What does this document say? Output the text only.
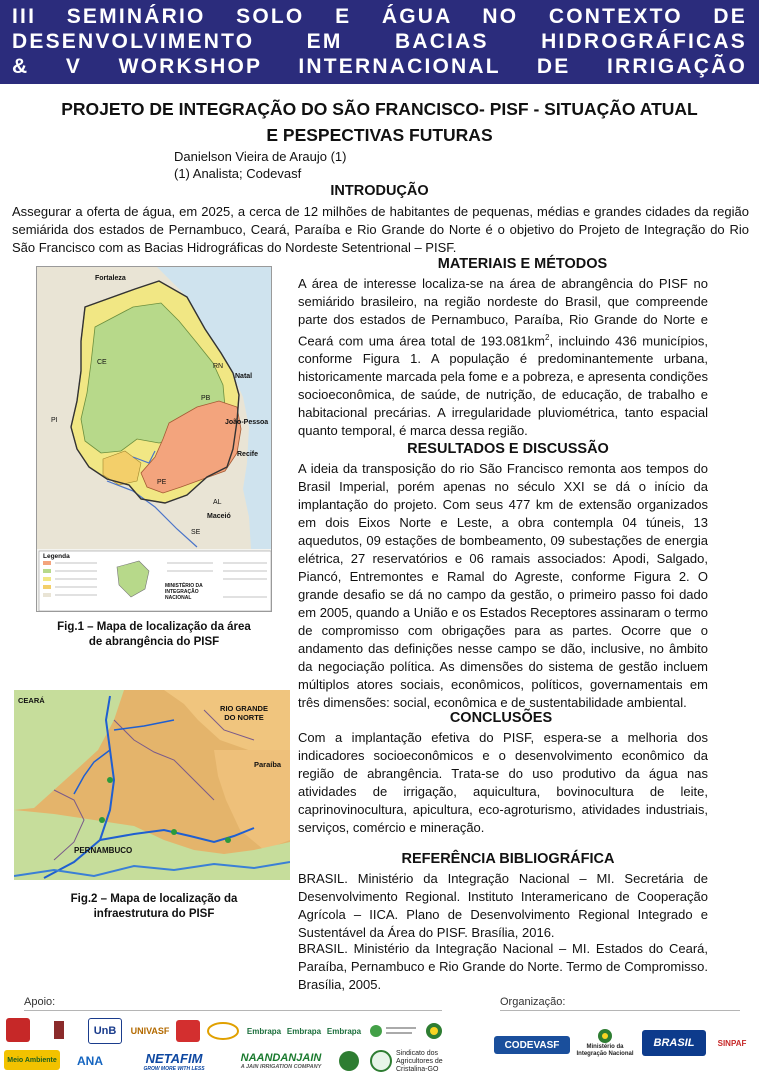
III SEMINÁRIO SOLO E ÁGUA NO CONTEXTO DE
DESENVOLVIMENTO EM BACIAS HIDROGRÁFICAS
& V WORKSHOP INTERNACIONAL DE IRRIGAÇÃO
PROJETO DE INTEGRAÇÃO DO SÃO FRANCISCO- PISF - SITUAÇÃO ATUAL
E PESPECTIVAS FUTURAS
Danielson Vieira de Araujo (1)
(1) Analista; Codevasf
INTRODUÇÃO
Assegurar a oferta de água, em 2025, a cerca de 12 milhões de habitantes de pequenas, médias e grandes cidades da região semiárida dos estados de Pernambuco, Ceará, Paraíba e Rio Grande do Norte é o objetivo do Projeto de Integração do Rio São Francisco com as Bacias Hidrográficas do Nordeste Setentrional – PISF.
Fortaleza
Natal
João-Pessoa
Recife
Maceió
CE
RN
PB
PE
PI
AL
SE
Legenda
MINISTÉRIO DA INTEGRAÇÃO NACIONAL
Fig.1 – Mapa de localização da área
de abrangência do PISF
CEARÁ
RIO GRANDE DO NORTE
Paraíba
PERNAMBUCO
Fig.2 – Mapa de localização da
infraestrutura do PISF
MATERIAIS E MÉTODOS
A área de interesse localiza-se na área de abrangência do PISF no semiárido brasileiro, na região nordeste do Brasil, que compreende parte dos estados de Pernambuco, Paraíba, Rio Grande do Norte e Ceará com uma área total de $193.081km^2$, incluindo 436 municípios, conforme Figura 1. A população é predominantemente urbana, historicamente marcada pela fome e a pobreza, e apresenta condições socioeconômica, de saúde, de nutrição, de educação, de trabalho e habitacional precárias. A irregularidade pluviométrica, tanto espacial quanto temporal, é marca dessa região.
RESULTADOS E DISCUSSÃO
A ideia da transposição do rio São Francisco remonta aos tempos do Brasil Imperial, porém apenas no século XXI se dá o início da implantação do projeto. Com seus 477 km de extensão organizados em dois Eixos Norte e Leste, a obra contempla 04 túneis, 13 aquedutos, 09 estações de bombeamento, 09 subestações de energia elétrica, 27 reservatórios e 06 ramais associados: Apodi, Salgado, Piancó, Entremontes e Ramal do Agreste, conforme Figura 2. O grande desafio se dá no campo da gestão, o primeiro passo foi dado em 2005, quando a União e os Estados Receptores assinaram o termo de compromisso com obrigações para as partes. Ocorre que o andamento das definições nesse campo se dão, inclusive, no âmbito da negociação política. As dimensões do sistema de gestão incluem múltiplos atores sociais, econômicos, políticos, governamentais em três dimensões: social, econômica e de sustentabilidade ambiental.
CONCLUSÕES
Com a implantação efetiva do PISF, espera-se a melhoria dos indicadores socioeconômicos e o desenvolvimento econômico da região de abrangência. Trata-se do uso produtivo da água nas atividades de irrigação, aquicultura, bovinocultura de leite, caprinovinocultura, apicultura, eco-agroturismo, atividades industriais, serviços, comércio e mineração.
REFERÊNCIA BIBLIOGRÁFICA
BRASIL. Ministério da Integração Nacional – MI. Secretária de Desenvolvimento Regional. Instituto Interamericano de Cooperação Agrícola – IICA. Plano de Desenvolvimento Regional Integrado e Sustentável da Área do PISF. Brasília, 2016.
BRASIL. Ministério da Integração Nacional – MI. Estados do Ceará, Paraíba, Pernambuco e Rio Grande do Norte. Termo de Compromisso. Brasília, 2005.
Apoio:	Organização:
UnB	UNIVASF	Embrapa Embrapa Embrapa
Meio Ambiente	ANA	NETAFIM
GROW MORE WITH LESS
NAANDANJAIN
A JAIN IRRIGATION COMPANY
Sindicato dos Agricultores de Cristalina-GO
CODEVASF	Ministério da Integração Nacional
BRASIL	SINPAF
